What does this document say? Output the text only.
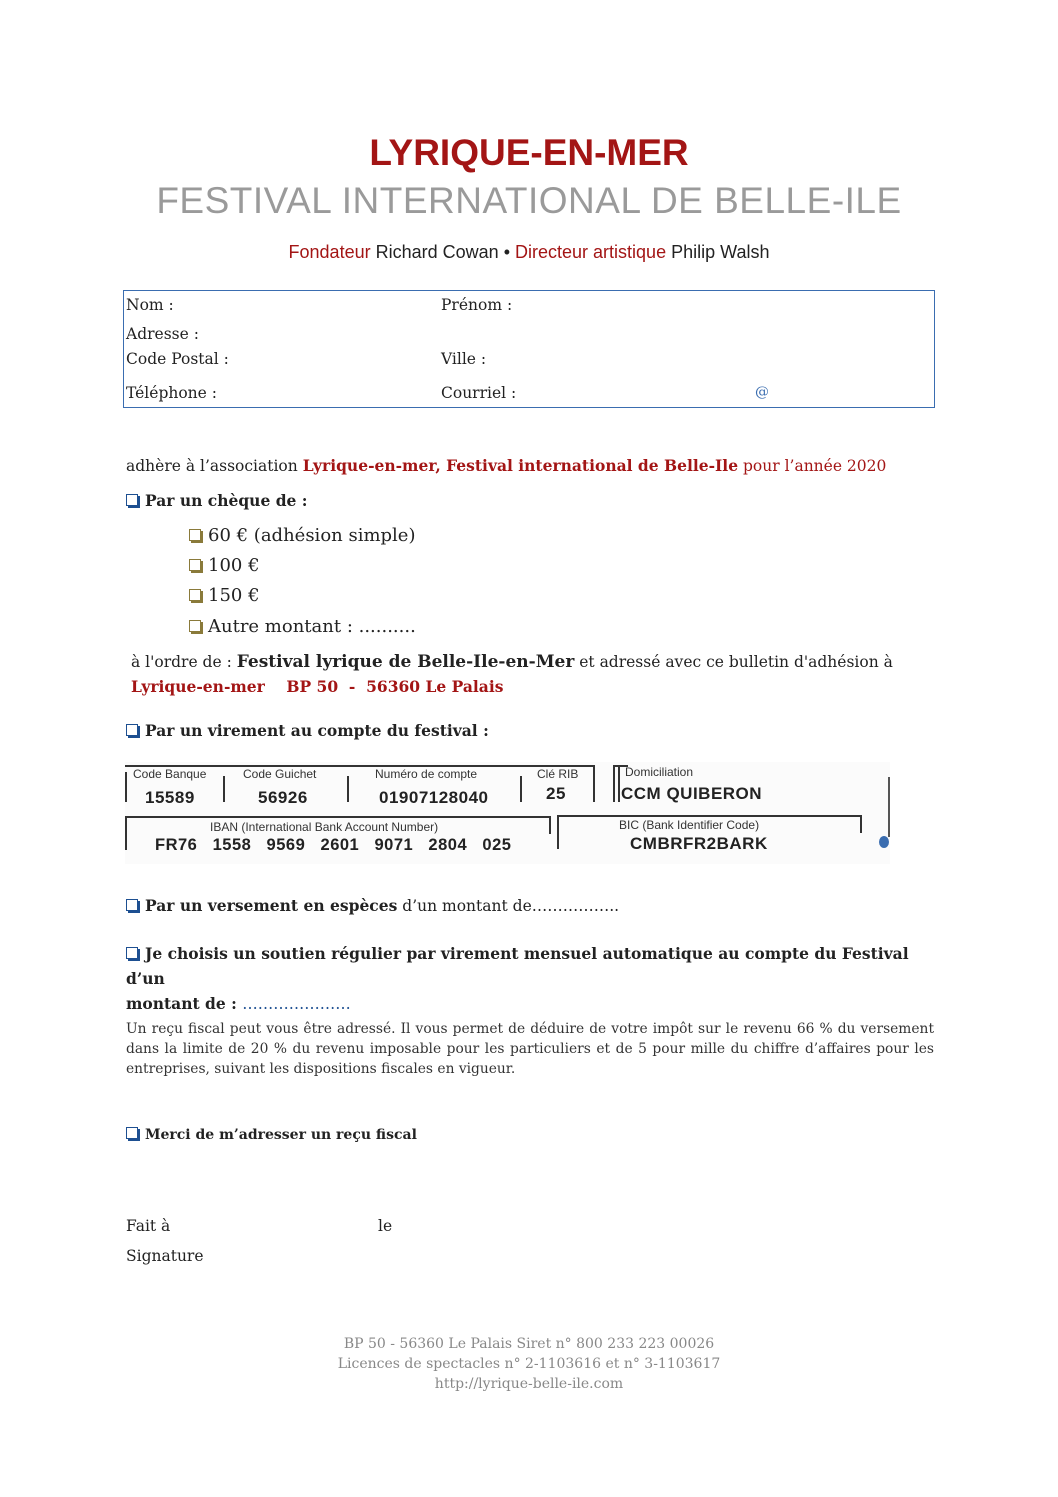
LYRIQUE-EN-MER
FESTIVAL INTERNATIONAL DE BELLE-ILE
Fondateur Richard Cowan • Directeur artistique Philip Walsh
Nom :	Prénom :
Adresse :
Code Postal :	Ville :
Téléphone :	Courriel :	@
adhère à l’association Lyrique-en-mer, Festival international de Belle-Ile pour l’année 2020
Par un chèque de :
60 € (adhésion simple)
100 €
150 €
Autre montant : ..........
à l'ordre de : Festival lyrique de Belle-Ile-en-Mer et adressé avec ce bulletin d'adhésion à
Lyrique-en-mer BP 50  -  56360 Le Palais
Par un virement au compte du festival :
Code Banque	Code Guichet	Numéro de compte	Clé RIB
15589	56926	01907128040	25
Domiciliation
CCM QUIBERON
IBAN (International Bank Account Number)
FR76   1558   9569   2601   9071   2804   025
BIC (Bank Identifier Code)
CMBRFR2BARK
Par un versement en espèces d’un montant de……………..
Je choisis un soutien régulier par virement mensuel automatique au compte du Festival d’un
montant de : …………………
Un reçu fiscal peut vous être adressé. Il vous permet de déduire de votre impôt sur le revenu 66 % du versement dans la limite de 20 % du revenu imposable pour les particuliers et de 5 pour mille du chiffre d’affaires pour les entreprises, suivant les dispositions fiscales en vigueur.
Merci de m’adresser un reçu fiscal
Fait à	le
Signature
BP 50 - 56360 Le Palais Siret n° 800 233 223 00026
Licences de spectacles n° 2-1103616 et n° 3-1103617
http://lyrique-belle-ile.com
